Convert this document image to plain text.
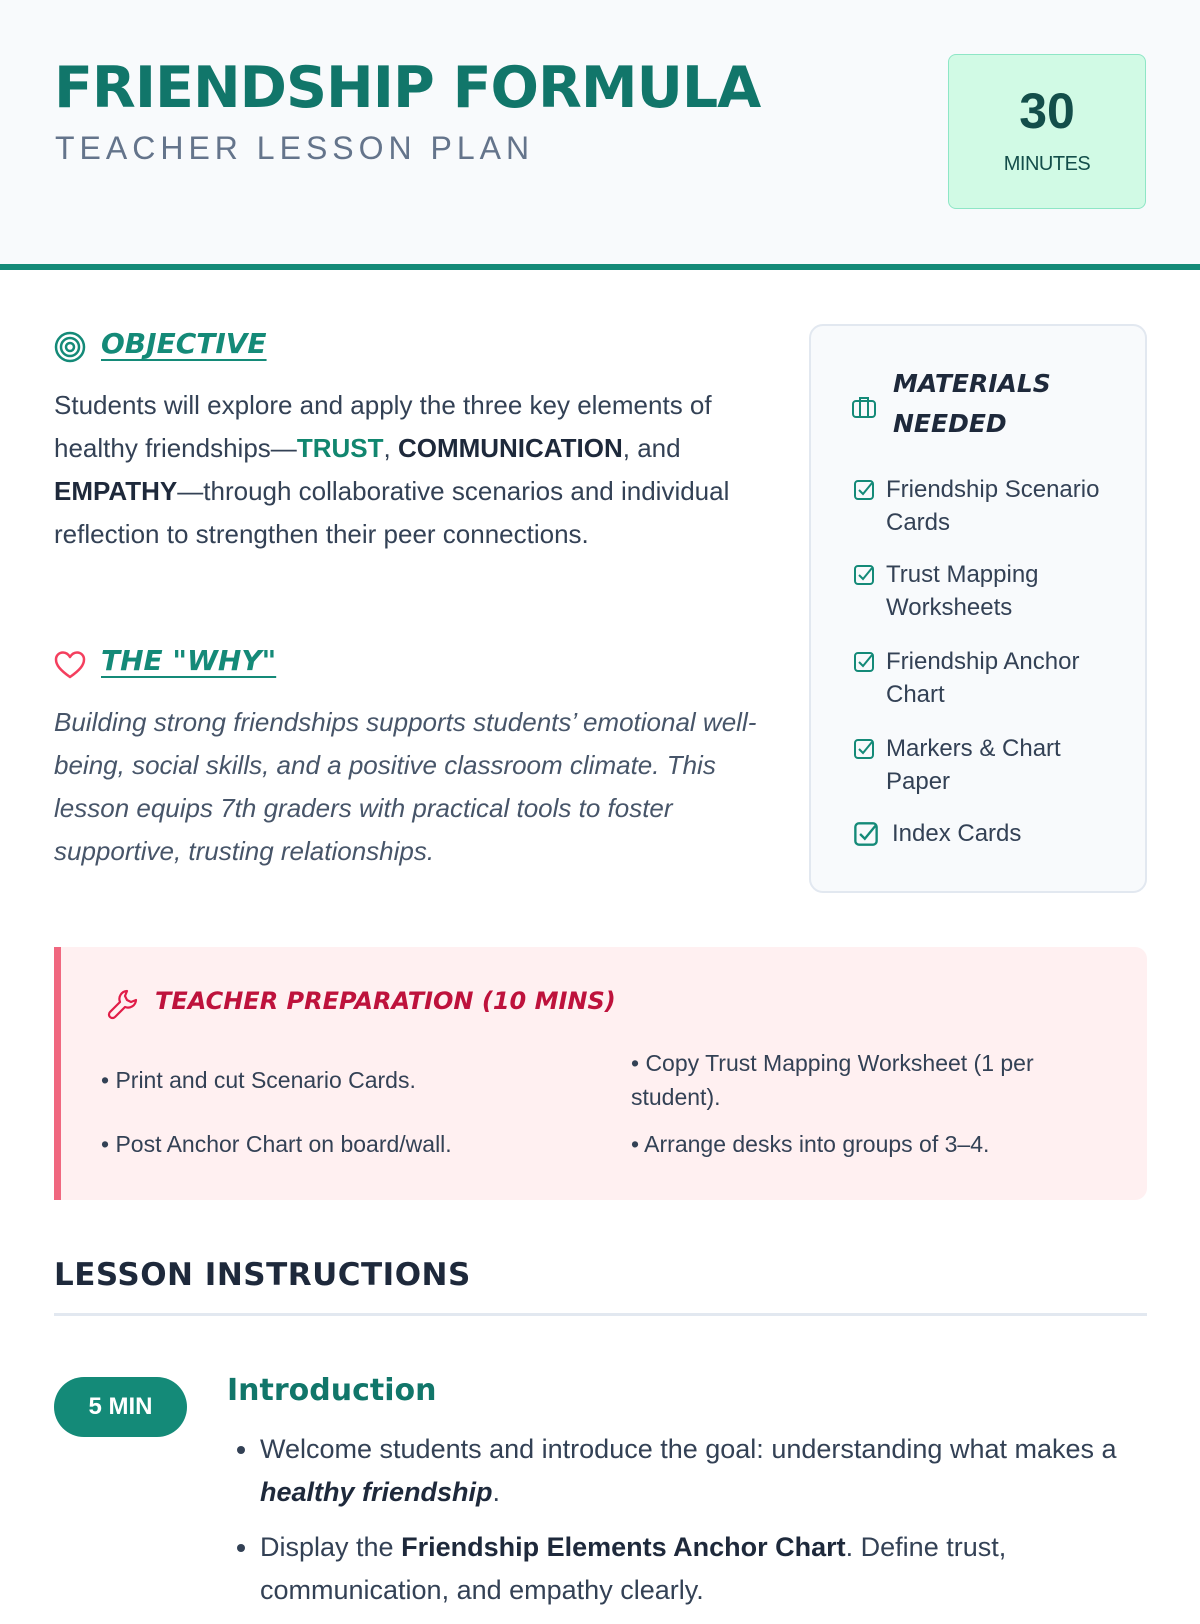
FRIENDSHIP FORMULA
TEACHER LESSON PLAN
30
MINUTES
OBJECTIVE
Students will explore and apply the three key elements of healthy friendships—TRUST, COMMUNICATION, and EMPATHY—through collaborative scenarios and individual reflection to strengthen their peer connections.
THE "WHY"
Building strong friendships supports students’ emotional well-being, social skills, and a positive classroom climate. This lesson equips 7th graders with practical tools to foster supportive, trusting relationships.
MATERIALS NEEDED
Friendship Scenario Cards
Trust Mapping Worksheets
Friendship Anchor Chart
Markers & Chart Paper
Index Cards
TEACHER PREPARATION (10 MINS)
• Print and cut Scenario Cards.
• Copy Trust Mapping Worksheet (1 per student).
• Post Anchor Chart on board/wall.	• Arrange desks into groups of 3–4.
LESSON INSTRUCTIONS
5 MIN	Introduction
• Welcome students and introduce the goal: understanding what makes a healthy friendship.
• Display the Friendship Elements Anchor Chart. Define trust, communication, and empathy clearly.
